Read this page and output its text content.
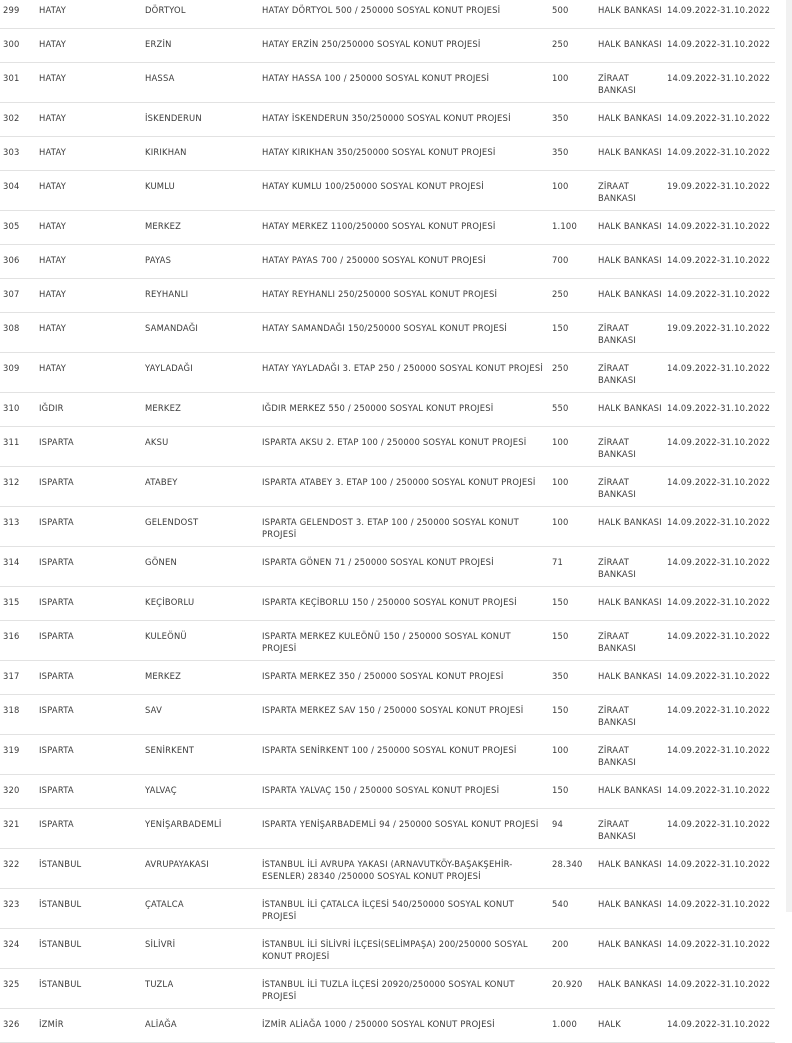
299	HATAY	DÖRTYOL	HATAY DÖRTYOL 500 / 250000 SOSYAL KONUT PROJESİ	500	HALK BANKASI	14.09.2022-31.10.2022
300	HATAY	ERZİN	HATAY ERZİN 250/250000 SOSYAL KONUT PROJESİ	250	HALK BANKASI	14.09.2022-31.10.2022
301	HATAY	HASSA	HATAY HASSA 100 / 250000 SOSYAL KONUT PROJESİ	100	ZİRAAT BANKASI	14.09.2022-31.10.2022
302	HATAY	İSKENDERUN	HATAY İSKENDERUN 350/250000 SOSYAL KONUT PROJESİ	350	HALK BANKASI	14.09.2022-31.10.2022
303	HATAY	KIRIKHAN	HATAY KIRIKHAN 350/250000 SOSYAL KONUT PROJESİ	350	HALK BANKASI	14.09.2022-31.10.2022
304	HATAY	KUMLU	HATAY KUMLU 100/250000 SOSYAL KONUT PROJESİ	100	ZİRAAT BANKASI	19.09.2022-31.10.2022
305	HATAY	MERKEZ	HATAY MERKEZ 1100/250000 SOSYAL KONUT PROJESİ	1.100	HALK BANKASI	14.09.2022-31.10.2022
306	HATAY	PAYAS	HATAY PAYAS 700 / 250000 SOSYAL KONUT PROJESİ	700	HALK BANKASI	14.09.2022-31.10.2022
307	HATAY	REYHANLI	HATAY REYHANLI 250/250000 SOSYAL KONUT PROJESİ	250	HALK BANKASI	14.09.2022-31.10.2022
308	HATAY	SAMANDAĞI	HATAY SAMANDAĞI 150/250000 SOSYAL KONUT PROJESİ	150	ZİRAAT BANKASI	19.09.2022-31.10.2022
309	HATAY	YAYLADAĞI	HATAY YAYLADAĞI 3. ETAP 250 / 250000 SOSYAL KONUT PROJESİ	250	ZİRAAT BANKASI	14.09.2022-31.10.2022
310	IĞDIR	MERKEZ	IĞDIR MERKEZ 550 / 250000 SOSYAL KONUT PROJESİ	550	HALK BANKASI	14.09.2022-31.10.2022
311	ISPARTA	AKSU	ISPARTA AKSU 2. ETAP 100 / 250000 SOSYAL KONUT PROJESİ	100	ZİRAAT BANKASI	14.09.2022-31.10.2022
312	ISPARTA	ATABEY	ISPARTA ATABEY 3. ETAP 100 / 250000 SOSYAL KONUT PROJESİ	100	ZİRAAT BANKASI	14.09.2022-31.10.2022
313	ISPARTA	GELENDOST	ISPARTA GELENDOST 3. ETAP 100 / 250000 SOSYAL KONUT PROJESİ	100	HALK BANKASI	14.09.2022-31.10.2022
314	ISPARTA	GÖNEN	ISPARTA GÖNEN 71 / 250000 SOSYAL KONUT PROJESİ	71	ZİRAAT BANKASI	14.09.2022-31.10.2022
315	ISPARTA	KEÇİBORLU	ISPARTA KEÇİBORLU 150 / 250000 SOSYAL KONUT PROJESİ	150	HALK BANKASI	14.09.2022-31.10.2022
316	ISPARTA	KULEÖNÜ	ISPARTA MERKEZ KULEÖNÜ 150 / 250000 SOSYAL KONUT PROJESİ	150	ZİRAAT BANKASI	14.09.2022-31.10.2022
317	ISPARTA	MERKEZ	ISPARTA MERKEZ 350 / 250000 SOSYAL KONUT PROJESİ	350	HALK BANKASI	14.09.2022-31.10.2022
318	ISPARTA	SAV	ISPARTA MERKEZ SAV 150 / 250000 SOSYAL KONUT PROJESİ	150	ZİRAAT BANKASI	14.09.2022-31.10.2022
319	ISPARTA	SENİRKENT	ISPARTA SENİRKENT 100 / 250000 SOSYAL KONUT PROJESİ	100	ZİRAAT BANKASI	14.09.2022-31.10.2022
320	ISPARTA	YALVAÇ	ISPARTA YALVAÇ 150 / 250000 SOSYAL KONUT PROJESİ	150	HALK BANKASI	14.09.2022-31.10.2022
321	ISPARTA	YENİŞARBADEMLİ	ISPARTA YENİŞARBADEMLİ 94 / 250000 SOSYAL KONUT PROJESİ	94	ZİRAAT BANKASI	14.09.2022-31.10.2022
322	İSTANBUL	AVRUPAYAKASI	İSTANBUL İLİ AVRUPA YAKASI (ARNAVUTKÖY-BAŞAKŞEHİR-ESENLER) 28340 /250000 SOSYAL KONUT PROJESİ	28.340	HALK BANKASI	14.09.2022-31.10.2022
323	İSTANBUL	ÇATALCA	İSTANBUL İLİ ÇATALCA İLÇESİ 540/250000 SOSYAL KONUT PROJESİ	540	HALK BANKASI	14.09.2022-31.10.2022
324	İSTANBUL	SİLİVRİ	İSTANBUL İLİ SİLİVRİ İLÇESİ(SELİMPAŞA) 200/250000 SOSYAL KONUT PROJESİ	200	HALK BANKASI	14.09.2022-31.10.2022
325	İSTANBUL	TUZLA	İSTANBUL İLİ TUZLA İLÇESİ 20920/250000 SOSYAL KONUT PROJESİ	20.920	HALK BANKASI	14.09.2022-31.10.2022
326	İZMİR	ALİAĞA	İZMİR ALİAĞA 1000 / 250000 SOSYAL KONUT PROJESİ	1.000	HALK	14.09.2022-31.10.2022
